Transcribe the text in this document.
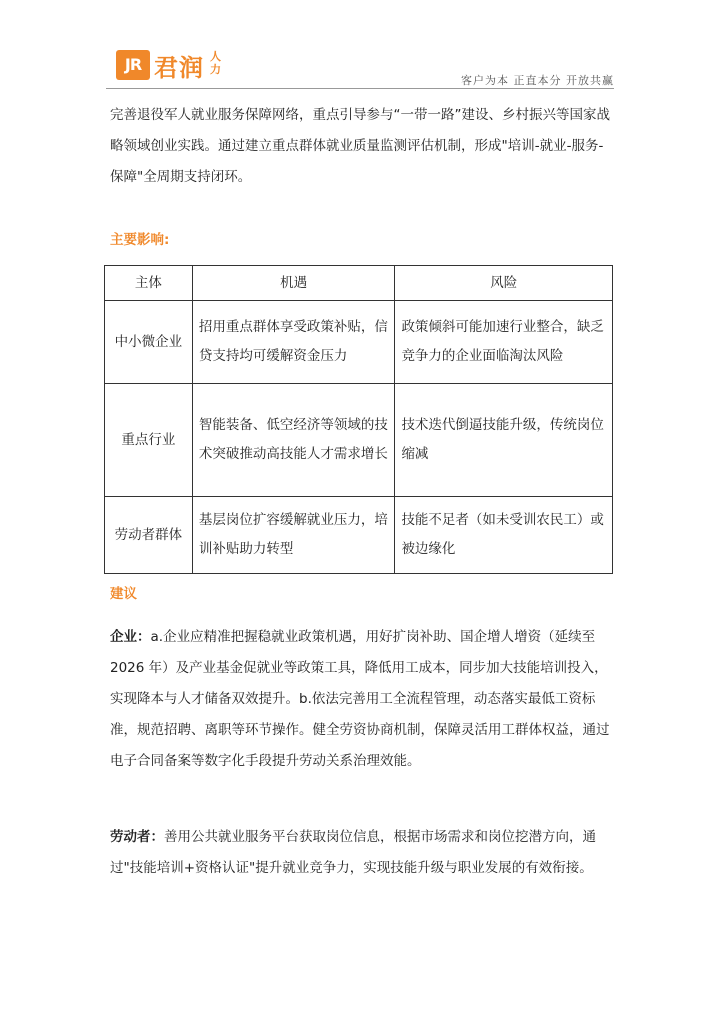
JR 君润 人力
客户为本 正直本分 开放共赢

完善退役军人就业服务保障网络，重点引导参与“一带一路”建设、乡村振兴等国家战略领域创业实践。通过建立重点群体就业质量监测评估机制，形成"培训-就业-服务-保障"全周期支持闭环。

主要影响:
主体	机遇	风险
中小微企业	招用重点群体享受政策补贴，信贷支持均可缓解资金压力	政策倾斜可能加速行业整合，缺乏竞争力的企业面临淘汰风险
重点行业	智能装备、低空经济等领域的技术突破推动高技能人才需求增长	技术迭代倒逼技能升级，传统岗位缩减
劳动者群体	基层岗位扩容缓解就业压力，培训补贴助力转型	技能不足者（如未受训农民工）或被边缘化
建议

企业：a.企业应精准把握稳就业政策机遇，用好扩岗补助、国企增人增资（延续至 2026 年）及产业基金促就业等政策工具，降低用工成本，同步加大技能培训投入，实现降本与人才储备双效提升。b.依法完善用工全流程管理，动态落实最低工资标准，规范招聘、离职等环节操作。健全劳资协商机制，保障灵活用工群体权益，通过电子合同备案等数字化手段提升劳动关系治理效能。

劳动者：善用公共就业服务平台获取岗位信息，根据市场需求和岗位挖潜方向，通过"技能培训+资格认证"提升就业竞争力，实现技能升级与职业发展的有效衔接。
